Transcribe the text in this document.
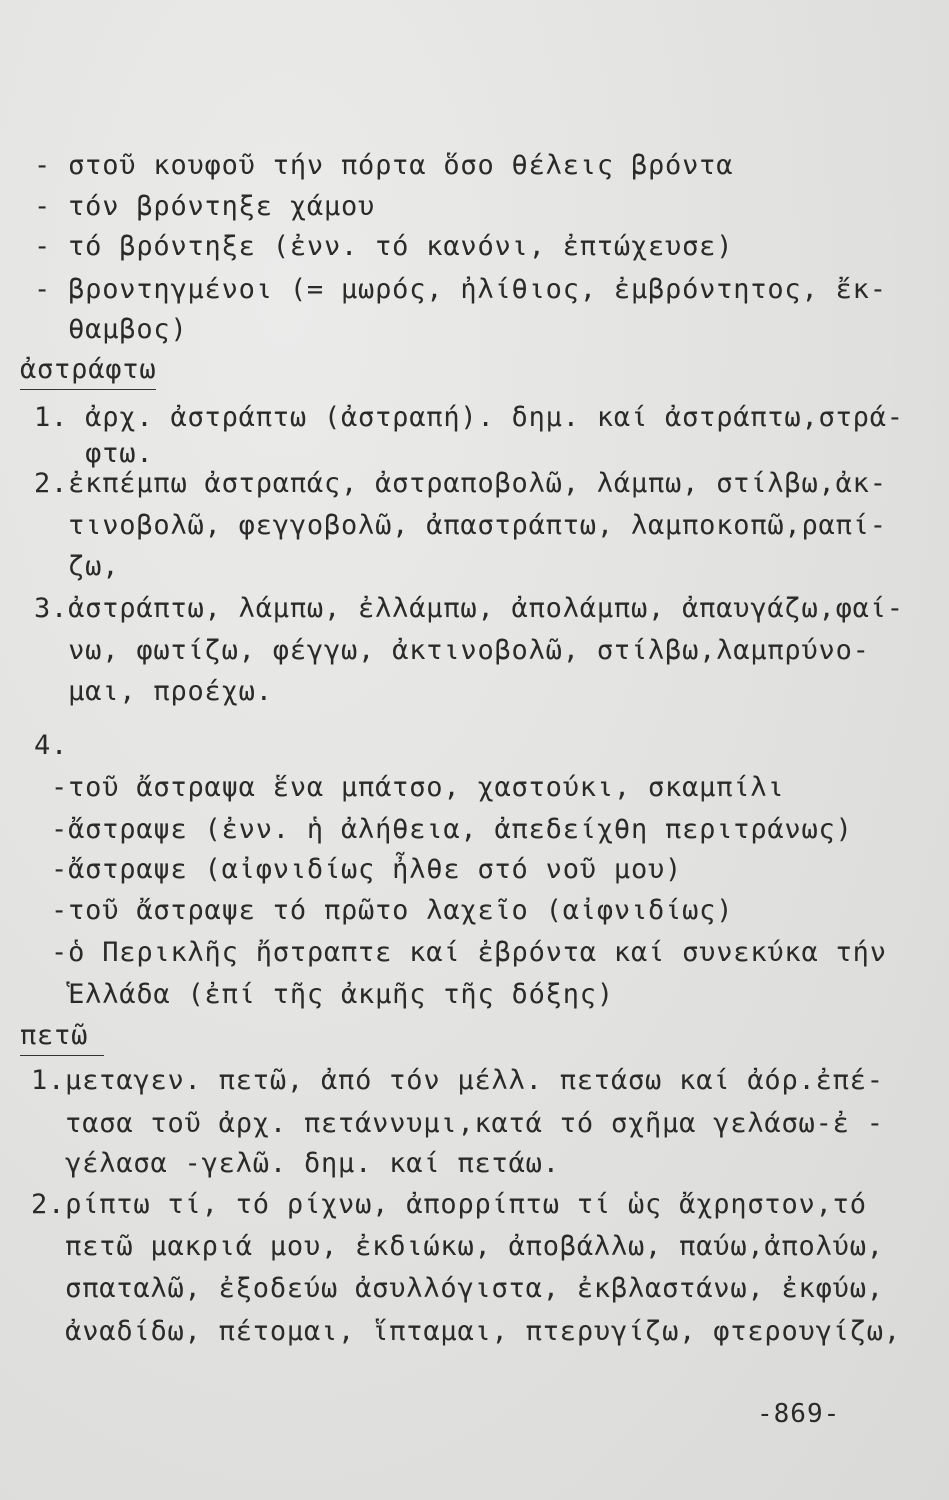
- στοῦ κουφοῦ τήν πόρτα ὅσο θέλεις βρόντα
- τόν βρόντηξε χάμου
- τό βρόντηξε (ἐνν. τό κανόνι, ἐπτώχευσε)
- βροντηγμένοι (= μωρός, ἠλίθιος, ἐμβρόντητος, ἔκ-
θαμβος)
ἀστράφτω
1. ἀρχ. ἀστράπτω (ἀστραπή). δημ. καί ἀστράπτω,στρά-
φτω.
2.ἐκπέμπω ἀστραπάς, ἀστραποβολῶ, λάμπω, στίλβω,ἀκ-
τινοβολῶ, φεγγοβολῶ, ἀπαστράπτω, λαμποκοπῶ,ραπί-
ζω,
3.ἀστράπτω, λάμπω, ἐλλάμπω, ἀπολάμπω, ἀπαυγάζω,φαί-
νω, φωτίζω, φέγγω, ἀκτινοβολῶ, στίλβω,λαμπρύνο-
μαι, προέχω.
4.
-τοῦ ἄστραψα ἕνα μπάτσο, χαστούκι, σκαμπίλι
-ἄστραψε (ἐνν. ἡ ἀλήθεια, ἀπεδείχθη περιτράνως)
-ἄστραψε (αἰφνιδίως ἦλθε στό νοῦ μου)
-τοῦ ἄστραψε τό πρῶτο λαχεῖο (αἰφνιδίως)
-ὁ Περικλῆς ἤστραπτε καί ἐβρόντα καί συνεκύκα τήν
Ἑλλάδα (ἐπί τῆς ἀκμῆς τῆς δόξης)
πετῶ
1.μεταγεν. πετῶ, ἀπό τόν μέλλ. πετάσω καί ἀόρ.ἐπέ-
τασα τοῦ ἀρχ. πετάννυμι,κατά τό σχῆμα γελάσω-ἐ -
γέλασα -γελῶ. δημ. καί πετάω.
2.ρίπτω τί, τό ρίχνω, ἀπορρίπτω τί ὡς ἄχρηστον,τό
πετῶ μακριά μου, ἐκδιώκω, ἀποβάλλω, παύω,ἀπολύω,
σπαταλῶ, ἐξοδεύω ἀσυλλόγιστα, ἐκβλαστάνω, ἐκφύω,
ἀναδίδω, πέτομαι, ἵπταμαι, πτερυγίζω, φτερουγίζω,
-869-
